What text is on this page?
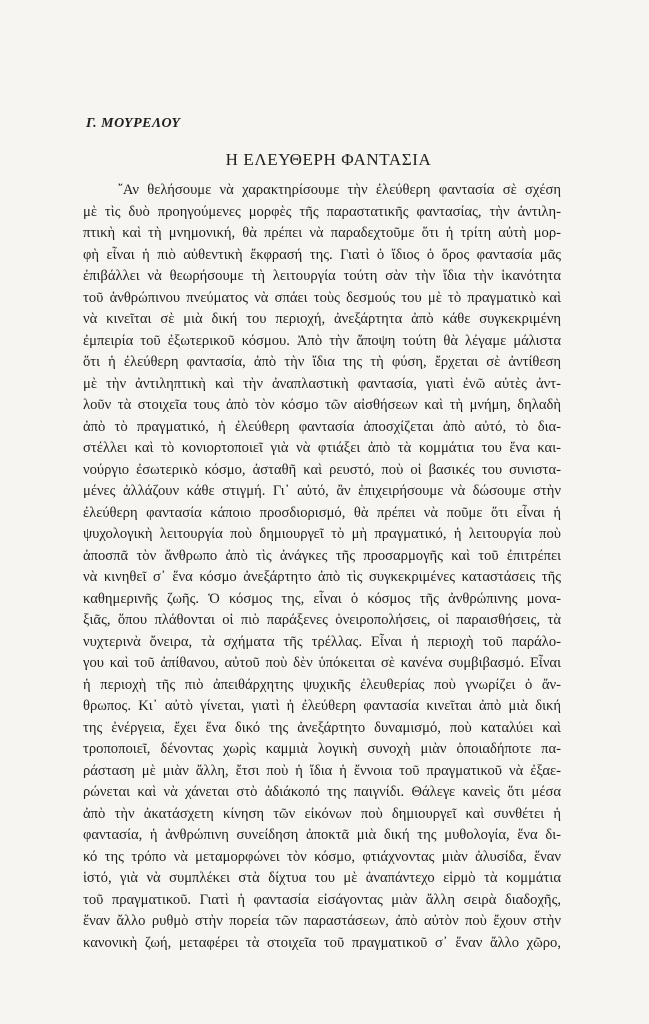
Γ. ΜΟΥΡΕΛΟΥ
Η ΕΛΕΥΘΕΡΗ ΦΑΝΤΑΣΙΑ
῎Αν θελήσουμε νὰ χαρακτηρίσουμε τὴν ἐλεύθερη φαντασία σὲ σχέση
μὲ τὶς δυὸ προηγούμενες μορφὲς τῆς παραστατικῆς φαντασίας, τὴν ἀντιλη-
πτικὴ καὶ τὴ μνημονική, θὰ πρέπει νὰ παραδεχτοῦμε ὅτι ἡ τρίτη αὐτὴ μορ-
φὴ εἶναι ἡ πιὸ αὐθεντικὴ ἔκφρασή της. Γιατὶ ὁ ἴδιος ὁ ὅρος φαντασία μᾶς
ἐπιβάλλει νὰ θεωρήσουμε τὴ λειτουργία τούτη σὰν τὴν ἴδια τὴν ἱκανότητα
τοῦ ἀνθρώπινου πνεύματος νὰ σπάει τοὺς δεσμούς του μὲ τὸ πραγματικὸ καὶ
νὰ κινεῖται σὲ μιὰ δική του περιοχή, ἀνεξάρτητα ἀπὸ κάθε συγκεκριμένη
ἐμπειρία τοῦ ἐξωτερικοῦ κόσμου. Ἀπὸ τὴν ἄποψη τούτη θὰ λέγαμε μάλιστα
ὅτι ἡ ἐλεύθερη φαντασία, ἀπὸ τὴν ἴδια της τὴ φύση, ἔρχεται σὲ ἀντίθεση
μὲ τὴν ἀντιληπτικὴ καὶ τὴν ἀναπλαστικὴ φαντασία, γιατὶ ἐνῶ αὐτὲς ἀντ-
λοῦν τὰ στοιχεῖα τους ἀπὸ τὸν κόσμο τῶν αἰσθήσεων καὶ τὴ μνήμη, δηλαδὴ
ἀπὸ τὸ πραγματικό, ἡ ἐλεύθερη φαντασία ἀποσχίζεται ἀπὸ αὐτό, τὸ δια-
στέλλει καὶ τὸ κονιορτοποιεῖ γιὰ νὰ φτιάξει ἀπὸ τὰ κομμάτια του ἕνα και-
νούργιο ἐσωτερικὸ κόσμο, ἀσταθῆ καὶ ρευστό, ποὺ οἱ βασικές του συνιστα-
μένες ἀλλάζουν κάθε στιγμή. Γι᾿ αὐτό, ἂν ἐπιχειρήσουμε νὰ δώσουμε στὴν
ἐλεύθερη φαντασία κάποιο προσδιορισμό, θὰ πρέπει νὰ ποῦμε ὅτι εἶναι ἡ
ψυχολογικὴ λειτουργία ποὺ δημιουργεῖ τὸ μὴ πραγματικό, ἡ λειτουργία ποὺ
ἀποσπᾶ τὸν ἄνθρωπο ἀπὸ τὶς ἀνάγκες τῆς προσαρμογῆς καὶ τοῦ ἐπιτρέπει
νὰ κινηθεῖ σ᾿ ἕνα κόσμο ἀνεξάρτητο ἀπὸ τὶς συγκεκριμένες καταστάσεις τῆς
καθημερινῆς ζωῆς. Ὁ κόσμος της, εἶναι ὁ κόσμος τῆς ἀνθρώπινης μονα-
ξιᾶς, ὅπου πλάθονται οἱ πιὸ παράξενες ὀνειροπολήσεις, οἱ παραισθήσεις, τὰ
νυχτερινὰ ὄνειρα, τὰ σχήματα τῆς τρέλλας. Εἶναι ἡ περιοχὴ τοῦ παράλο-
γου καὶ τοῦ ἀπίθανου, αὐτοῦ ποὺ δὲν ὑπόκειται σὲ κανένα συμβιβασμό. Εἶναι
ἡ περιοχὴ τῆς πιὸ ἀπειθάρχητης ψυχικῆς ἐλευθερίας ποὺ γνωρίζει ὁ ἄν-
θρωπος. Κι᾿ αὐτὸ γίνεται, γιατὶ ἡ ἐλεύθερη φαντασία κινεῖται ἀπὸ μιὰ δική
της ἐνέργεια, ἔχει ἕνα δικό της ἀνεξάρτητο δυναμισμό, ποὺ καταλύει καὶ
τροποποιεῖ, δένοντας χωρὶς καμμιὰ λογικὴ συνοχὴ μιὰν ὁποιαδήποτε πα-
ράσταση μὲ μιὰν ἄλλη, ἔτσι ποὺ ἡ ἴδια ἡ ἔννοια τοῦ πραγματικοῦ νὰ ἐξαε-
ρώνεται καὶ νὰ χάνεται στὸ ἀδιάκοπό της παιγνίδι. Θάλεγε κανεὶς ὅτι μέσα
ἀπὸ τὴν ἀκατάσχετη κίνηση τῶν εἰκόνων ποὺ δημιουργεῖ καὶ συνθέτει ἡ
φαντασία, ἡ ἀνθρώπινη συνείδηση ἀποκτᾶ μιὰ δική της μυθολογία, ἕνα δι-
κό της τρόπο νὰ μεταμορφώνει τὸν κόσμο, φτιάχνοντας μιὰν ἀλυσίδα, ἕναν
ἱστό, γιὰ νὰ συμπλέκει στὰ δίχτυα του μὲ ἀναπάντεχο εἱρμὸ τὰ κομμάτια
τοῦ πραγματικοῦ. Γιατὶ ἡ φαντασία εἰσάγοντας μιὰν ἄλλη σειρὰ διαδοχῆς,
ἕναν ἄλλο ρυθμὸ στὴν πορεία τῶν παραστάσεων, ἀπὸ αὐτὸν ποὺ ἔχουν στὴν
κανονικὴ ζωή, μεταφέρει τὰ στοιχεῖα τοῦ πραγματικοῦ σ᾿ ἕναν ἄλλο χῶρο,
